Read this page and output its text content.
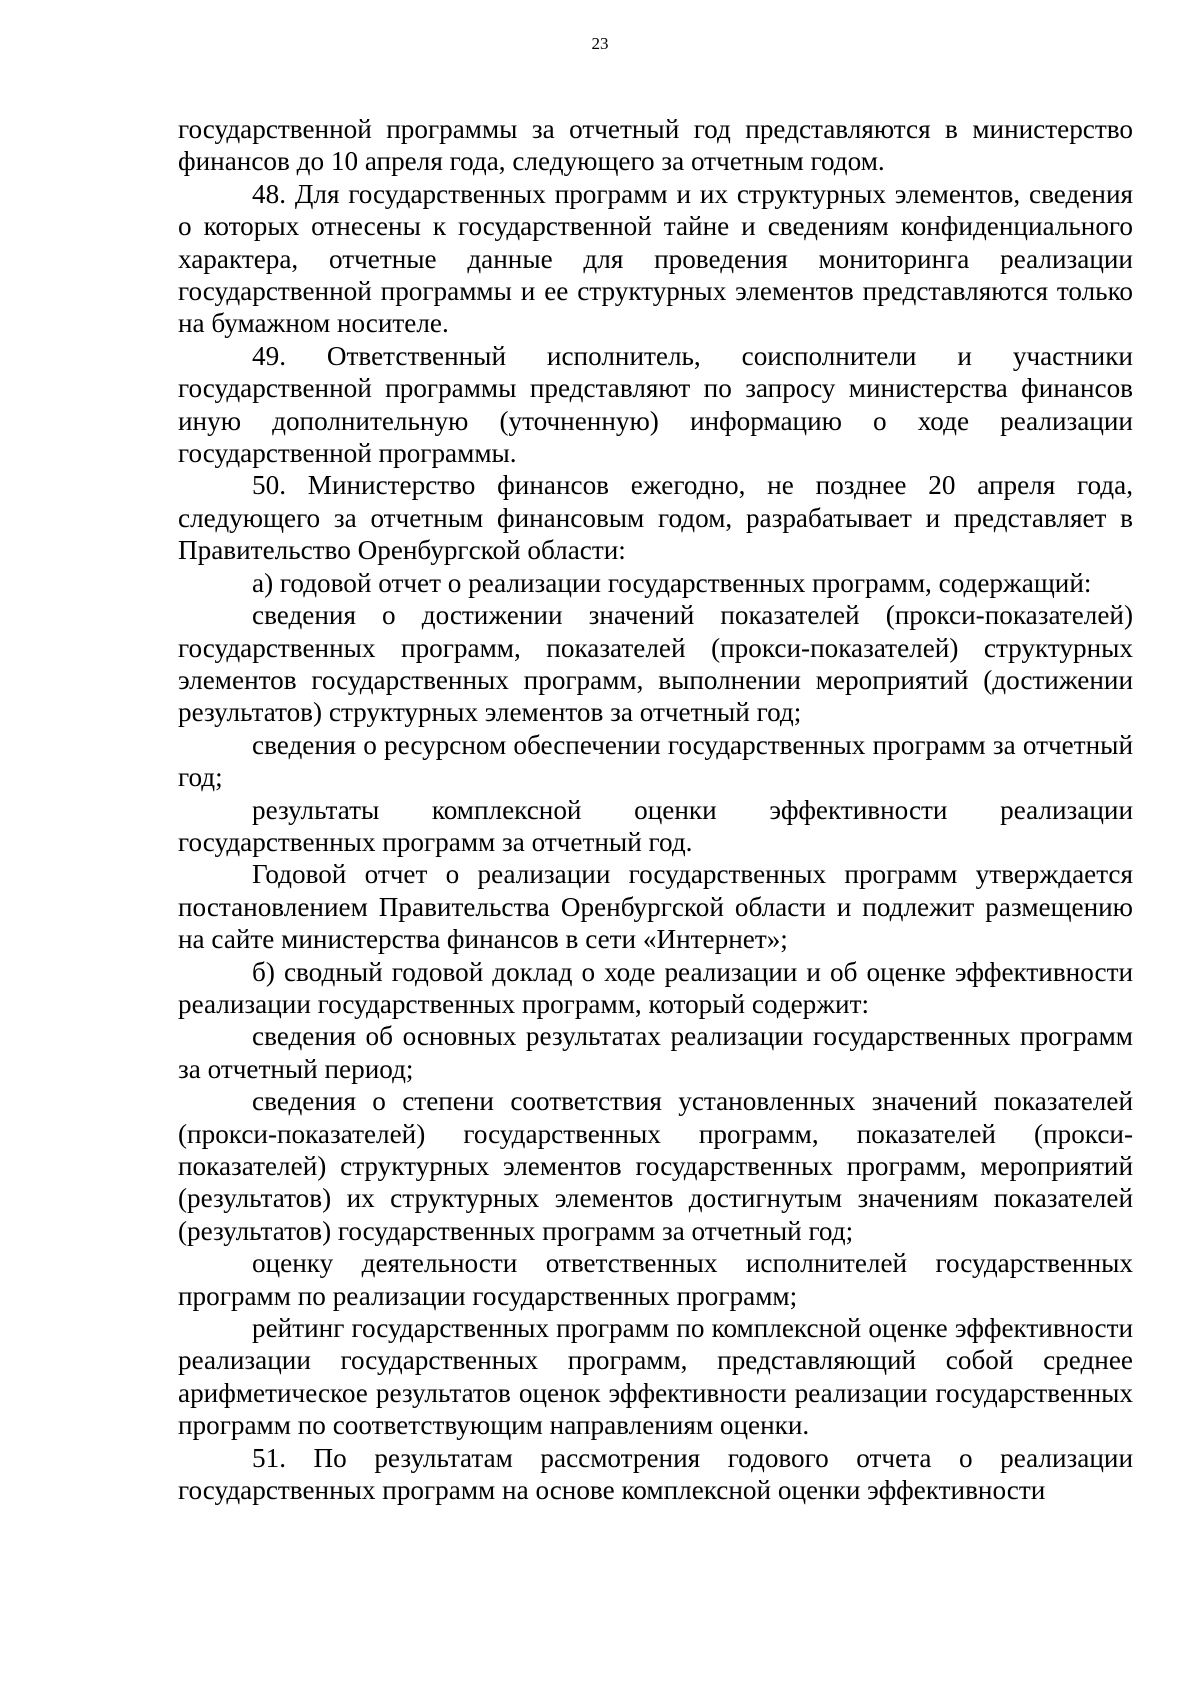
23

государственной программы за отчетный год представляются в министерство финансов до 10 апреля года, следующего за отчетным годом.

48. Для государственных программ и их структурных элементов, сведения о которых отнесены к государственной тайне и сведениям конфиденциального характера, отчетные данные для проведения мониторинга реализации государственной программы и ее структурных элементов представляются только на бумажном носителе.

49. Ответственный исполнитель, соисполнители и участники государственной программы представляют по запросу министерства финансов иную дополнительную (уточненную) информацию о ходе реализации государственной программы.

50. Министерство финансов ежегодно, не позднее 20 апреля года, следующего за отчетным финансовым годом, разрабатывает и представляет в Правительство Оренбургской области:

а) годовой отчет о реализации государственных программ, содержащий:

сведения о достижении значений показателей (прокси-показателей) государственных программ, показателей (прокси-показателей) структурных элементов государственных программ, выполнении мероприятий (достижении результатов) структурных элементов за отчетный год;

сведения о ресурсном обеспечении государственных программ за отчетный год;

результаты комплексной оценки эффективности реализации государственных программ за отчетный год.

Годовой отчет о реализации государственных программ утверждается постановлением Правительства Оренбургской области и подлежит размещению на сайте министерства финансов в сети «Интернет»;

б) сводный годовой доклад о ходе реализации и об оценке эффективности реализации государственных программ, который содержит:

сведения об основных результатах реализации государственных программ за отчетный период;

сведения о степени соответствия установленных значений показателей (прокси-показателей) государственных программ, показателей (прокси-показателей) структурных элементов государственных программ, мероприятий (результатов) их структурных элементов достигнутым значениям показателей (результатов) государственных программ за отчетный год;

оценку деятельности ответственных исполнителей государственных программ по реализации государственных программ;

рейтинг государственных программ по комплексной оценке эффективности реализации государственных программ, представляющий собой среднее арифметическое результатов оценок эффективности реализации государственных программ по соответствующим направлениям оценки.

51. По результатам рассмотрения годового отчета о реализации государственных программ на основе комплексной оценки эффективности
